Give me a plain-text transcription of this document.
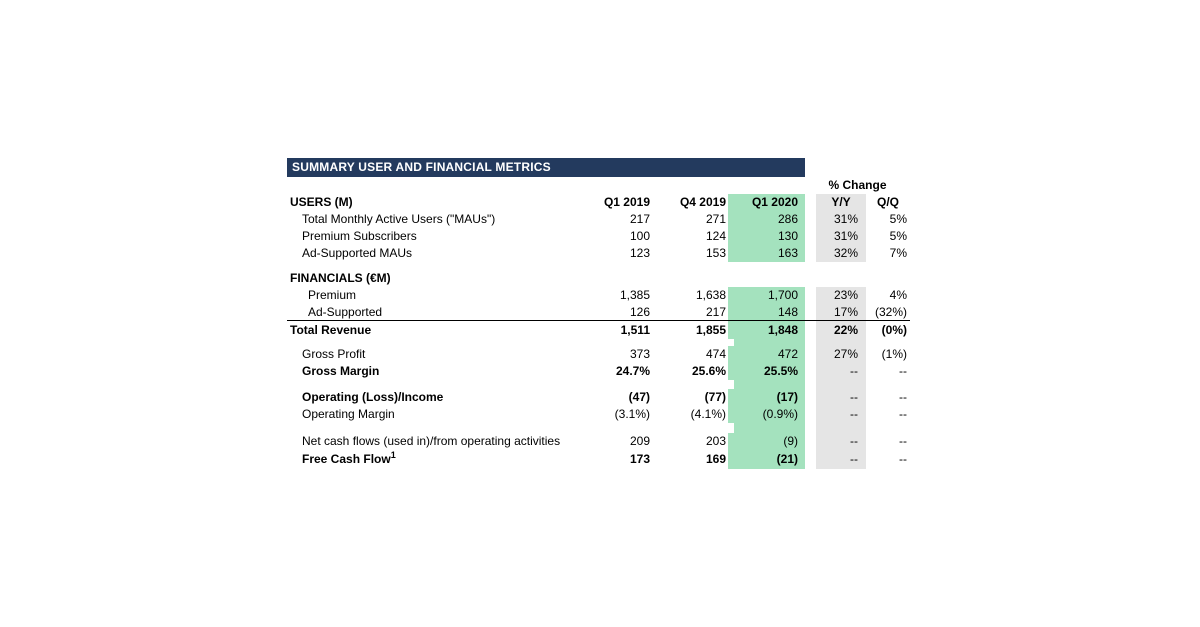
SUMMARY USER AND FINANCIAL METRICS
% Change
USERS (M)	Q1 2019	Q4 2019	Q1 2020	Y/Y	Q/Q
Total Monthly Active Users ("MAUs")	217	271	286	31%	5%
Premium Subscribers	100	124	130	31%	5%
Ad-Supported MAUs	123	153	163	32%	7%
FINANCIALS (€M)
Premium	1,385	1,638	1,700	23%	4%
Ad-Supported	126	217	148	17%	(32%)
Total Revenue	1,511	1,855	1,848	22%	(0%)
Gross Profit	373	474	472	27%	(1%)
Gross Margin	24.7%	25.6%	25.5%	--	--
Operating (Loss)/Income	(47)	(77)	(17)	--	--
Operating Margin	(3.1%)	(4.1%)	(0.9%)	--	--
Net cash flows (used in)/from operating activities	209	203	(9)	--	--
Free Cash Flow$^1$	173	169	(21)	--	--
